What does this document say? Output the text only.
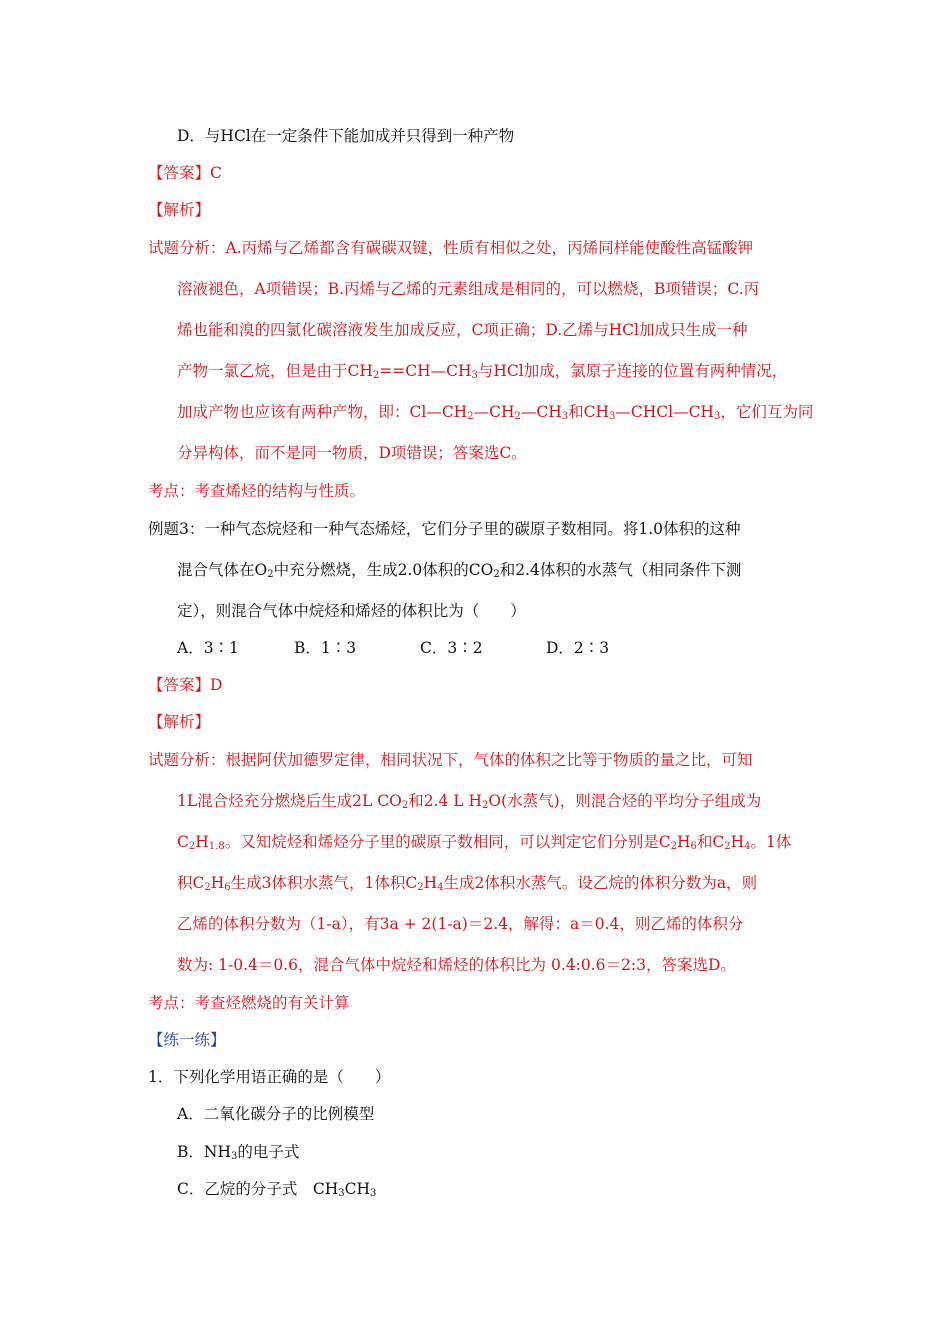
D．与HCl在一定条件下能加成并只得到一种产物
【答案】C
【解析】
试题分析：A.丙烯与乙烯都含有碳碳双键，性质有相似之处，丙烯同样能使酸性高锰酸钾
溶液褪色，A项错误；B.丙烯与乙烯的元素组成是相同的，可以燃烧，B项错误；C.丙
烯也能和溴的四氯化碳溶液发生加成反应，C项正确；D.乙烯与HCl加成只生成一种
产物一氯乙烷，但是由于$CH_2==CH—CH_3$与HCl加成，氯原子连接的位置有两种情况，
加成产物也应该有两种产物，即：$Cl—CH_2—CH_2—CH_3$和$CH_3—CHCl—CH_3$，它们互为同
分异构体，而不是同一物质，D项错误；答案选C。
考点：考查烯烃的结构与性质。
例题3：一种气态烷烃和一种气态烯烃，它们分子里的碳原子数相同。将1.0体积的这种
混合气体在$O_2$中充分燃烧，生成2.0体积的$CO_2$和2.4体积的水蒸气（相同条件下测
定），则混合气体中烷烃和烯烃的体积比为（　　）
A．3∶1	B．1∶3	C．3∶2	D．2∶3
【答案】D
【解析】
试题分析：根据阿伏加德罗定律，相同状况下，气体的体积之比等于物质的量之比，可知
1L混合烃充分燃烧后生成2L $CO_2$和2.4 L $H_2O$(水蒸气)，则混合烃的平均分子组成为
$C_2H_{1.8}$。又知烷烃和烯烃分子里的碳原子数相同，可以判定它们分别是$C_2H_6$和$C_2H_4$。1体
积$C_2H_6$生成3体积水蒸气，1体积$C_2H_4$生成2体积水蒸气。设乙烷的体积分数为a，则
乙烯的体积分数为（1-a），有3a + 2(1-a)＝2.4，解得：a＝0.4，则乙烯的体积分
数为: 1-0.4＝0.6，混合气体中烷烃和烯烃的体积比为 0.4:0.6＝2:3，答案选D。
考点：考查烃燃烧的有关计算
【练一练】
1．下列化学用语正确的是（　　）
A．二氧化碳分子的比例模型
B．$NH_3$的电子式
C．乙烷的分子式　$CH_3CH_3$
